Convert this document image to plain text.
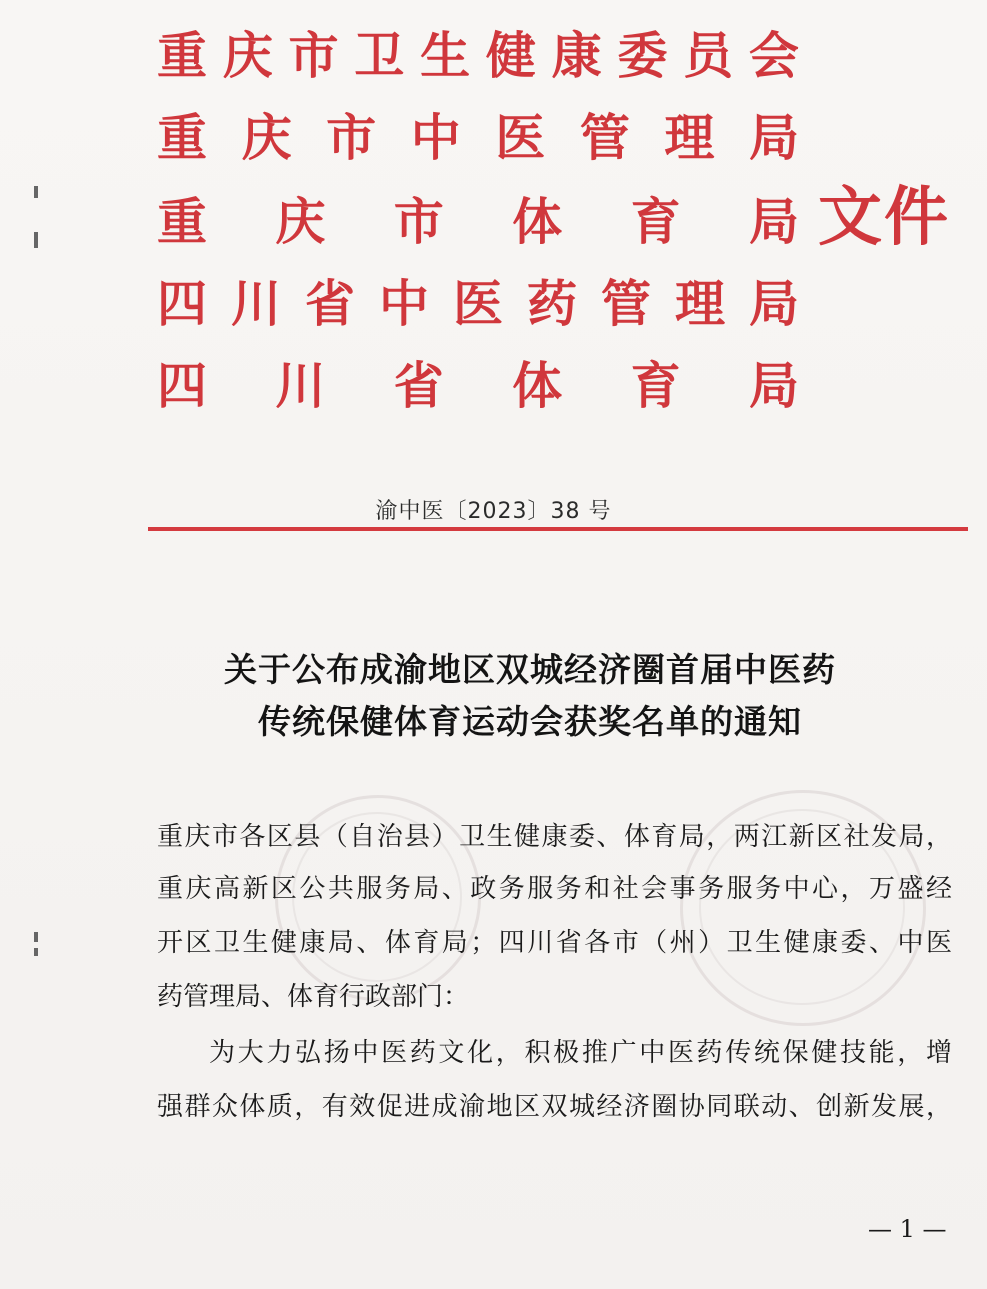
重 庆 市 卫 生 健 康 委 员 会
重 庆 市 中 医 管 理 局
重 庆 市 体 育 局
四 川 省 中 医 药 管 理 局
四 川 省 体 育 局
文件
渝中医〔2023〕38 号
关于公布成渝地区双城经济圈首届中医药
传统保健体育运动会获奖名单的通知
重庆市各区县（自治县）卫生健康委、体育局，两江新区社发局，
重庆高新区公共服务局、政务服务和社会事务服务中心，万盛经
开区卫生健康局、体育局；四川省各市（州）卫生健康委、中医
药管理局、体育行政部门：
为大力弘扬中医药文化，积极推广中医药传统保健技能，增
强群众体质，有效促进成渝地区双城经济圈协同联动、创新发展，
— 1 —
